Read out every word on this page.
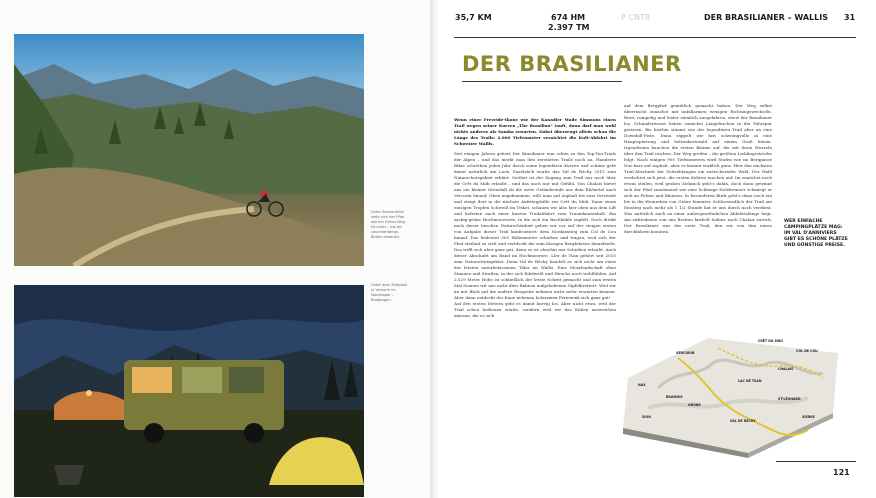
Unter Sonnenblick zieht sich der Pfad wie ein Hirten-Weg hinunter – bis wir Leuchtenberge-Birken erwartet.
Unter dem Zeltplatz in Vercorin im Nachtlager – Bergbogen.
35,7 KM	674 HM
2.397 TM
P CNTR	DER BRASILIANER – WALLIS 31
DER BRASILIANER
Wenn einer Freeride-Ikone wie der Kanadier Wade Simmons einen Trail wegen seiner Kurven „The Brasilian“ tauft, dann darf man wohl nichts anderes als Samba erwarten. Dabei überzeugt allein schon die Länge des Trails: 2.000 Tiefenmeter vernichtet die Kult-Abfahrt im Schweizer Wallis.
Seit einigen Jahren gehört Der Brasilianer nun schon zu den Top-Ten-Trails der Alpen – und das merkt man den zerstörten Trails noch an. Hunderte Biker schreiben jeden Jahr durch seine legendären Kurven und schmie geht damit natürlich am Lack. Zusätzlich wurde das Val de Réchy 2015 zum Naturschutzgebiet erklärt. Seither ist der Zugang zum Trail nur noch über die Crêt du Midi erlaubt – und das auch nur mit Gefühl. Von Chalais bietet uns ein kleiner Grenzfall ob die erste Geländestufe aus dem Rhônetal nach Vercorin hinauf. Oben angekommen, rollt man auf Asphalt bis zum Ortsende und steigt dort in die nächste Aufstiegshilfe zur Crêt du Midi. Dann einen einzigen Tropfen Schweiß im Trikot, schauen wir also hier oben aus dem Lift und befreien nach einer kurzen Trailabfahrt vom Traumkantenball. Ein zackig-grüne Hochmoorseele, in die sich ein Bachbüble zupfelt. Doch direkt nach dieser buschen Naturschönheit gehen wir vor auf der steigen ersten von Aufgabe dieser Trail konfrontiert: dem Nordanstieg zum Col de Cou hinauf. Das bedeutet 300 Höhenmeter schieben und tragen, weil sich der Pfad steilauf zu steil und verblockt die zum lässigen Bergfahrten hinaufzieht. Das trifft sich aber ganz gut, denn es ist ohnehin nur Schieben erlaubt. Auch dieser Abschnitt am Rand im Hochmoorsee. Ller de Tsan gehört seit 2015 zum Naturschutzgebiet. Denn Val de Réchy handelt es sich nicht um eines der letzten naturbelassenen Täler im Wallis. Eine Moorlandschaft ohne Staunen und Straßen, in der sich Edelweiß und Hirsche noch wohlfühlen. Auf 2.529 Meter Höhe ist schließlich der letzte Schritt gemacht und zum ersten Mal Sonnen wir uns nicht über Bahnen aufgehobenen Gipfelbrettert. Weil wir an mit Blick auf die andere Bergseite nehmen nicht mehr erwarten können. Aber dann entdeckt der Kaue nebenan holzarmen Ferienenk sich ganz gut!
Auf den ersten Metern geht es damit kurvig los. Aber nicht etwa, weil der Trail schon bedienen würde, sondern weil wir das Kühen ausweichen müssen, die es sich
auf dem Bergpfad gemütlich gemacht haben. Der Weg selbst überrascht zunächst mit unfallarmen wenigen Richtungswechseln. Breit, rumpelig und leider ziemlich ausgefahren, stiert der Brasilianer los. Schmalerwaser haben zunächst Längsfurchen in die Fahrspur gerissen. Bis hierhin stimmt von der legendären Trail aber an eine Downhill-Piste. Dann rappelt wir fast schwungvolle in eine Hauptsperrung und holzenkernwald auf einem Graß hinein. Irgendwann bauchen die ersten Bäume auf, die mit ihren Wurzeln über den Trail reichen. Der Weg greifen – die größten Lieblingsstrecke folgt. Nach einigen 900 Tiefenmetern wird Stufen wie im Bergpasse Nur kurz auf Asphalt, aber es kommt wirklich ganz. Hier den nächsten Trail-Abschnitt der Zeitsehlungen ein zwitschernder Wald. Der Wald verdichtet sich jetzt, die ersten Kehren tauchen auf. Im zunächst noch etwas steilen, weil groben Zickzack geht's dahin, doch dann gewinnt sich der Pfad zunehmend wie eine Schlange Holzbrenner schmiegt er sich an Felsen und Bäumen. In besonderen Blick geht's dann noch ein bis in die Weinreben von Grône hinunter. Schlussendlich der Trail am Einstieg nach mehr als 1 1/2 Stunde hat er uns durch noch verdient. Was natürlich auch an einer außergewöhnlichen Abfahrtslänge liegt. Am zufriedenen von uns Breiten kurbelt Sabine nach Chalais zurück. Der Brasilianer war der erste Trail, den wir von ihm unten durchfahren konnten.
WER EINFACHE CAMPINGPLÄTZE MAG: IM VAL D'ANNIVIERS GIBT ES SCHÖNE PLÄTZE UND GÜNSTIGE PREISE.
VERCORIN
CRÊT DU MIDI
COL DE COU
NAX
GRÔNE
CHALAIS
SION
LAC DE TSAN
VAL DE RÉCHY
ST-LÉONARD
BRAMOIS
SIERRE
121
